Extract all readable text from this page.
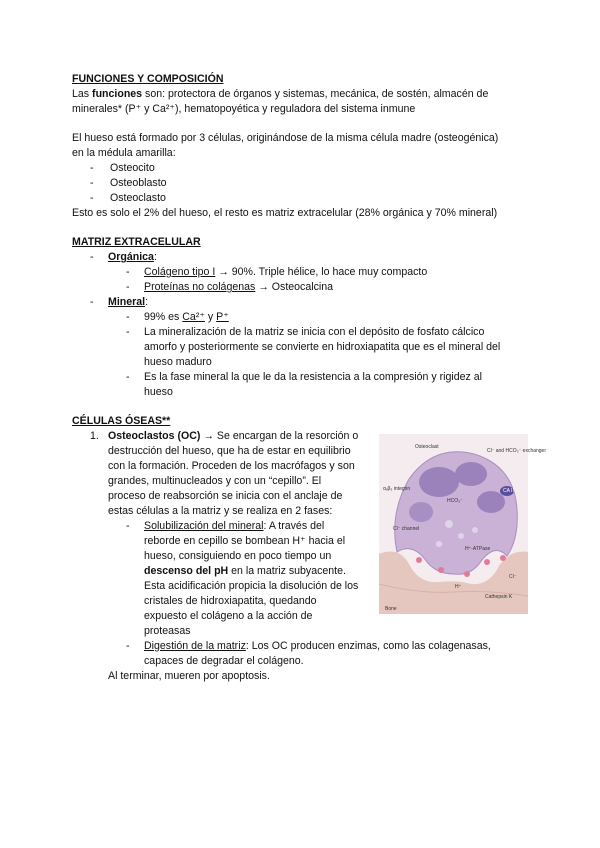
FUNCIONES Y COMPOSICIÓN
Las funciones son: protectora de órganos y sistemas, mecánica, de sostén, almacén de
minerales* (P⁺ y Ca²⁺), hematopoyética y reguladora del sistema inmune
El hueso está formado por 3 células, originándose de la misma célula madre (osteogénica)
en la médula amarilla:
- Osteocito
- Osteoblasto
- Osteoclasto
Esto es solo el 2% del hueso, el resto es matriz extracelular (28% orgánica y 70% mineral)
MATRIZ EXTRACELULAR
- Orgánica:
- Colágeno tipo I → 90%. Triple hélice, lo hace muy compacto
- Proteínas no colágenas → Osteocalcina
- Mineral:
- 99% es Ca²⁺ y P⁺
- La mineralización de la matriz se inicia con el depósito de fosfato cálcico
amorfo y posteriormente se convierte en hidroxiapatita que es el mineral del
hueso maduro
- Es la fase mineral la que le da la resistencia a la compresión y rigidez al
hueso
CÉLULAS ÓSEAS**
1. Osteoclastos (OC) → Se encargan de la resorción o
destrucción del hueso, que ha de estar en equilibrio
con la formación. Proceden de los macrófagos y son
grandes, multinucleados y con un “cepillo”. El
proceso de reabsorción se inicia con el anclaje de
estas células a la matriz y se realiza en 2 fases:
- Solubilización del mineral: A través del
reborde en cepillo se bombean H⁺ hacia el
hueso, consiguiendo en poco tiempo un
descenso del pH en la matriz subyacente.
Esta acidificación propicia la disolución de los
cristales de hidroxiapatita, quedando
expuesto el colágeno a la acción de
proteasas
- Digestión de la matriz: Los OC producen enzimas, como las colagenasas,
capaces de degradar el colágeno.
Al terminar, mueren por apoptosis.
Osteoclast
Cl⁻ and HCO₃⁻ exchanger
αᵥβ₃ integrin
Cl⁻ channel
H⁺-ATPase
Cathepsin K
Bone
HCO₃⁻
H⁺
CA II
Cl⁻
